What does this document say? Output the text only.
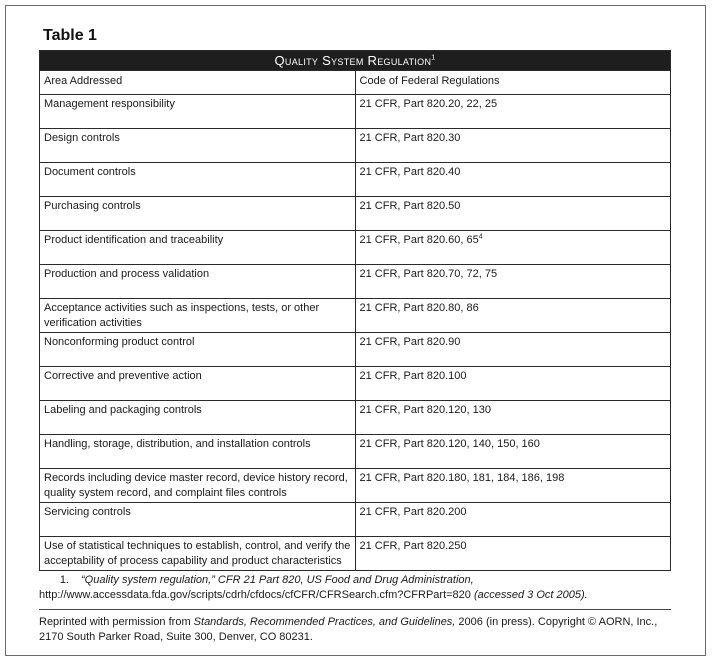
Table 1
Quality System Regulation$^1$
Area Addressed	Code of Federal Regulations
Management responsibility	21 CFR, Part 820.20, 22, 25
Design controls	21 CFR, Part 820.30
Document controls	21 CFR, Part 820.40
Purchasing controls	21 CFR, Part 820.50
Product identification and traceability	21 CFR, Part 820.60, $65^4$
Production and process validation	21 CFR, Part 820.70, 72, 75
Acceptance activities such as inspections, tests, or other verification activities	21 CFR, Part 820.80, 86
Nonconforming product control	21 CFR, Part 820.90
Corrective and preventive action	21 CFR, Part 820.100
Labeling and packaging controls	21 CFR, Part 820.120, 130
Handling, storage, distribution, and installation controls	21 CFR, Part 820.120, 140, 150, 160
Records including device master record, device history record, quality system record, and complaint files controls	21 CFR, Part 820.180, 181, 184, 186, 198
Servicing controls	21 CFR, Part 820.200
Use of statistical techniques to establish, control, and verify the acceptability of process capability and product characteristics	21 CFR, Part 820.250
1. “Quality system regulation,” CFR 21 Part 820, US Food and Drug Administration, http://www.accessdata.fda.gov/scripts/cdrh/cfdocs/cfCFR/CFRSearch.cfm?CFRPart=820 (accessed 3 Oct 2005).
Reprinted with permission from Standards, Recommended Practices, and Guidelines, 2006 (in press). Copyright © AORN, Inc., 2170 South Parker Road, Suite 300, Denver, CO 80231.
